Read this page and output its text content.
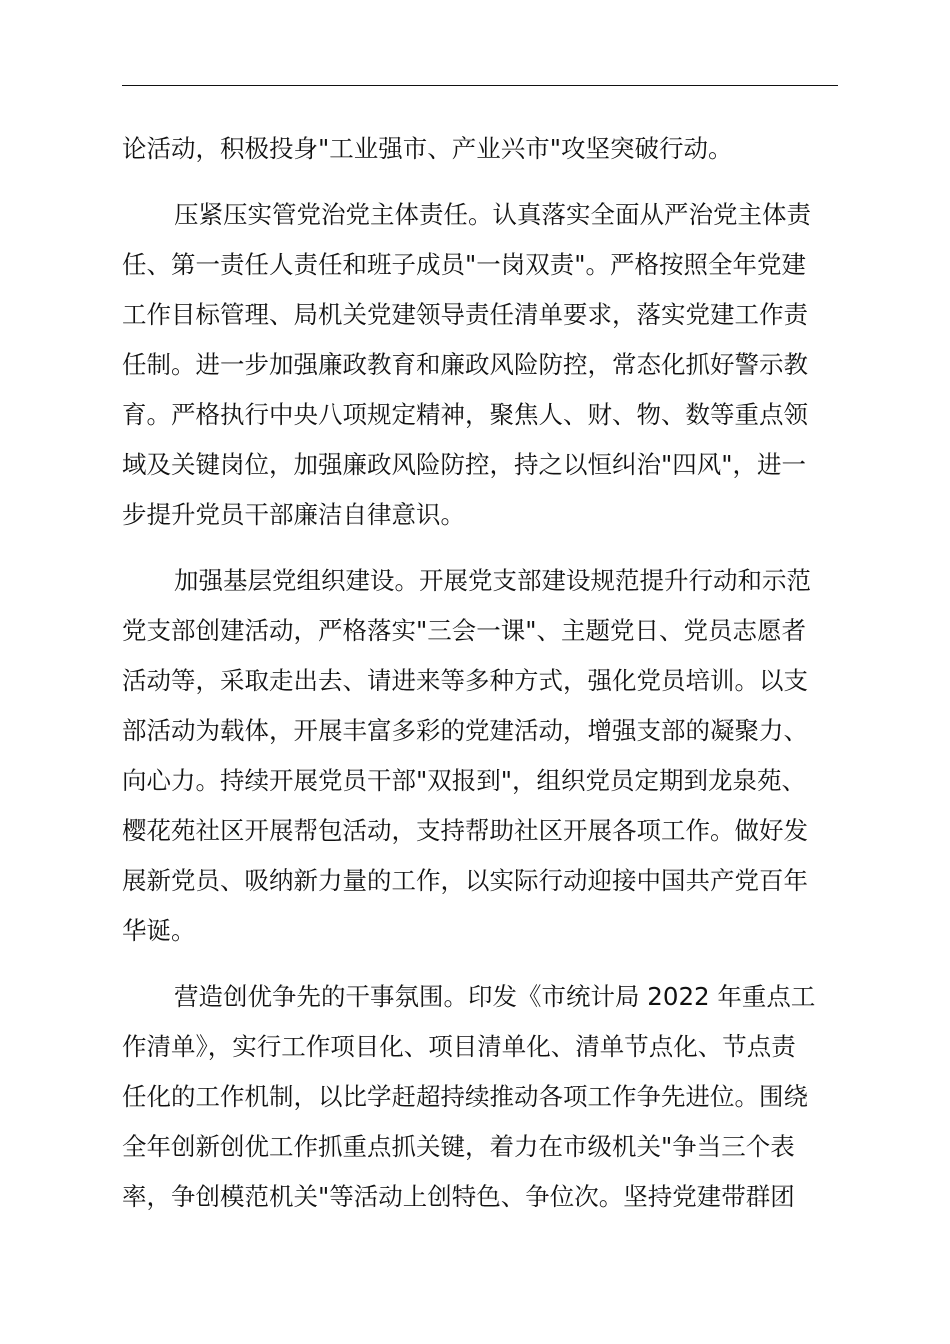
论活动，积极投身"工业强市、产业兴市"攻坚突破行动。
压紧压实管党治党主体责任。认真落实全面从严治党主体责
任、第一责任人责任和班子成员"一岗双责"。严格按照全年党建
工作目标管理、局机关党建领导责任清单要求，落实党建工作责
任制。进一步加强廉政教育和廉政风险防控，常态化抓好警示教
育。严格执行中央八项规定精神，聚焦人、财、物、数等重点领
域及关键岗位，加强廉政风险防控，持之以恒纠治"四风"，进一
步提升党员干部廉洁自律意识。
加强基层党组织建设。开展党支部建设规范提升行动和示范
党支部创建活动，严格落实"三会一课"、主题党日、党员志愿者
活动等，采取走出去、请进来等多种方式，强化党员培训。以支
部活动为载体，开展丰富多彩的党建活动，增强支部的凝聚力、
向心力。持续开展党员干部"双报到"，组织党员定期到龙泉苑、
樱花苑社区开展帮包活动，支持帮助社区开展各项工作。做好发
展新党员、吸纳新力量的工作，以实际行动迎接中国共产党百年
华诞。
营造创优争先的干事氛围。印发《市统计局 2022 年重点工
作清单》，实行工作项目化、项目清单化、清单节点化、节点责
任化的工作机制，以比学赶超持续推动各项工作争先进位。围绕
全年创新创优工作抓重点抓关键，着力在市级机关"争当三个表
率，争创模范机关"等活动上创特色、争位次。坚持党建带群团
